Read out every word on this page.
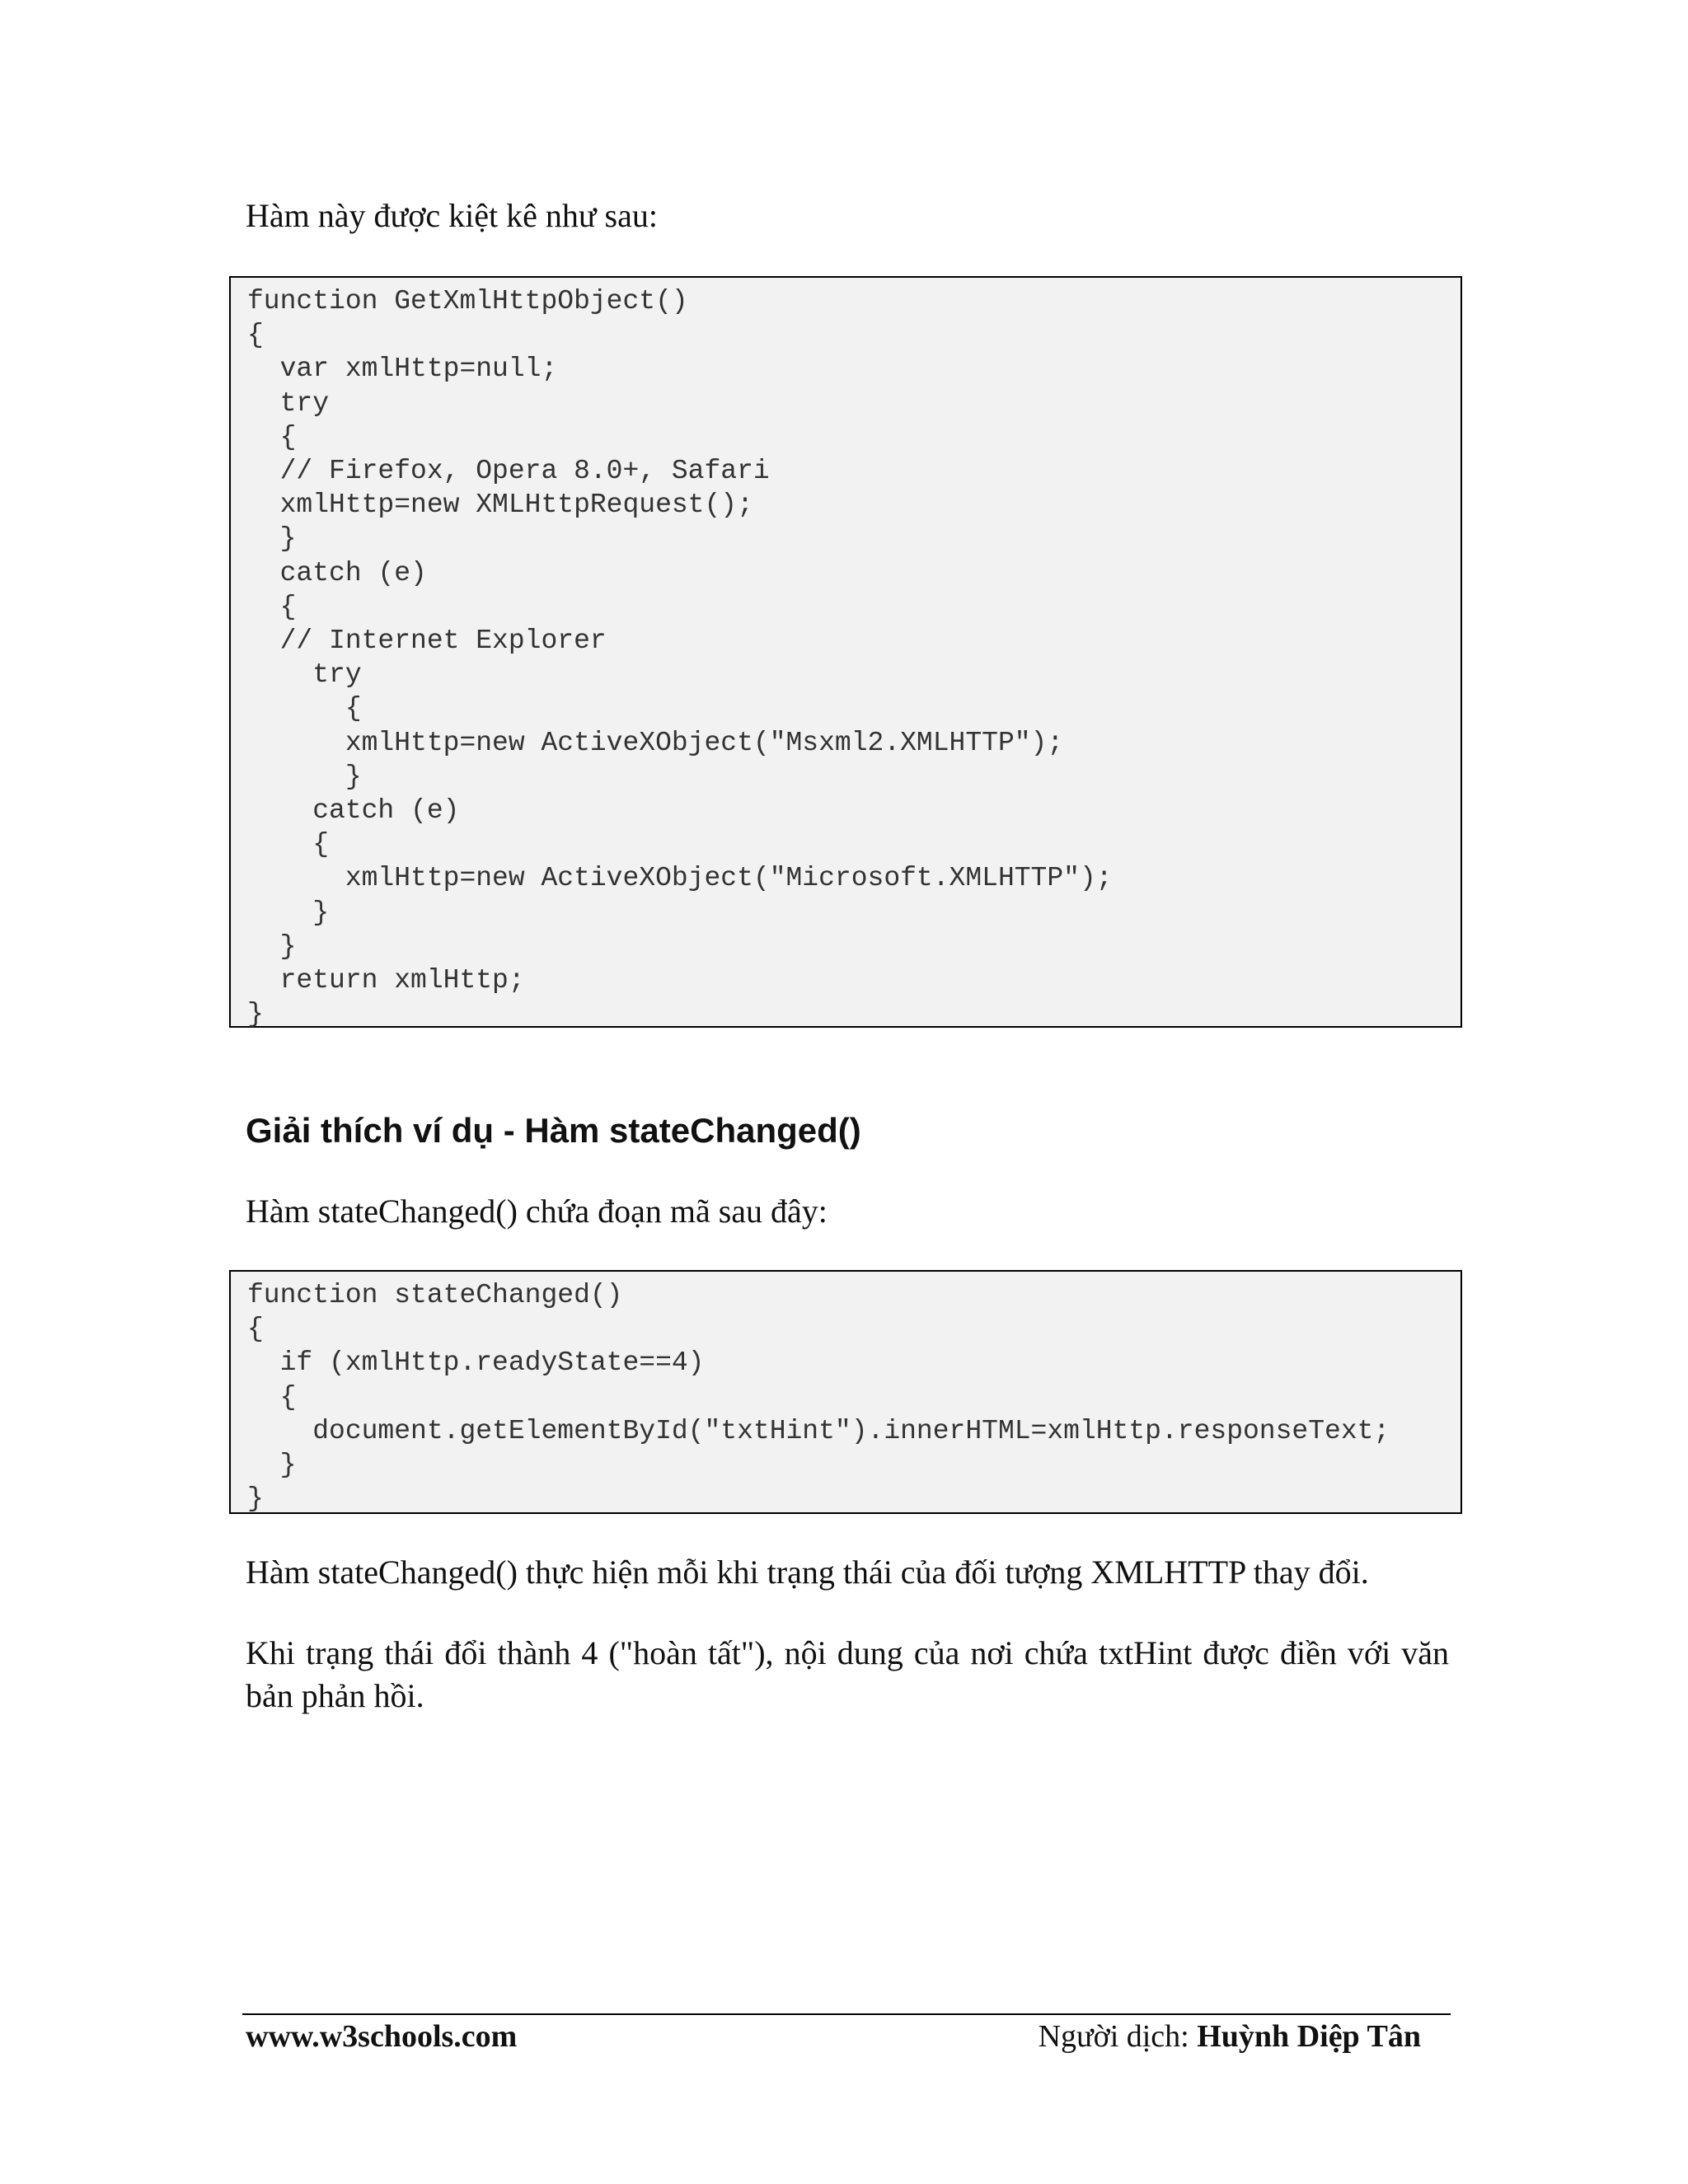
Hàm này được kiệt kê như sau:

function GetXmlHttpObject()
{
var xmlHttp=null;
try
{
// Firefox, Opera 8.0+, Safari
xmlHttp=new XMLHttpRequest();
}
catch (e)
{
// Internet Explorer
try
{
xmlHttp=new ActiveXObject("Msxml2.XMLHTTP");
}
catch (e)
{
xmlHttp=new ActiveXObject("Microsoft.XMLHTTP");
}
}
return xmlHttp;
}
Giải thích ví dụ - Hàm stateChanged()

Hàm stateChanged() chứa đoạn mã sau đây:

function stateChanged()
{
if (xmlHttp.readyState==4)
{
document.getElementById("txtHint").innerHTML=xmlHttp.responseText;
}
}

Hàm stateChanged() thực hiện mỗi khi trạng thái của đối tượng XMLHTTP thay đổi.

Khi trạng thái đổi thành 4 ("hoàn tất"), nội dung của nơi chứa txtHint được điền với văn bản phản hồi.

www.w3schools.com	Người dịch: Huỳnh Diệp Tân
